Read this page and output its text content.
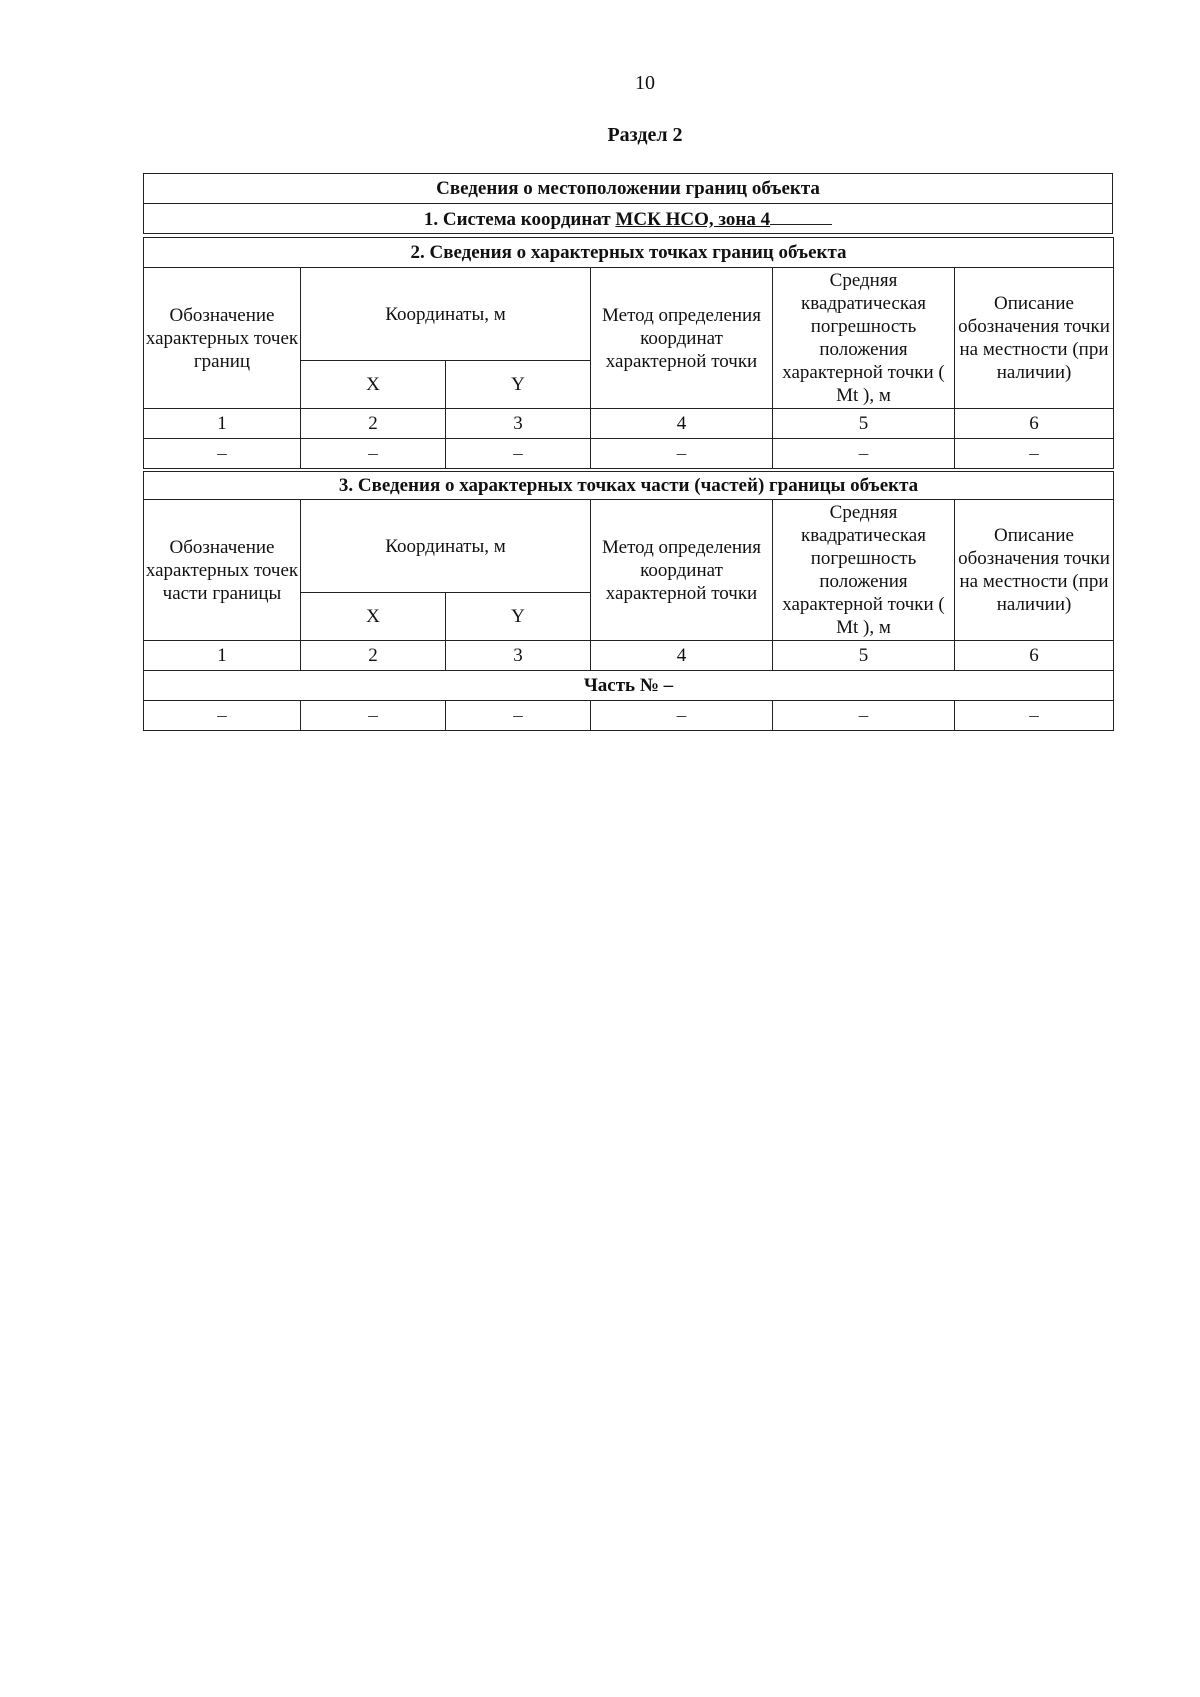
10
Раздел 2
Сведения о местоположении границ объекта
1. Система координат МСК НСО, зона 4
2. Сведения о характерных точках границ объекта					
Обозначение характерных точек границ	Координаты, м		Метод определения координат характерной точки	Средняя квадратическая погрешность положения характерной точки ( Mt ), м	Описание обозначения точки на местности (при наличии)
	X	Y			
1	2	3	4	5	6
–	–	–	–	–	–
3. Сведения о характерных точках части (частей) границы объекта					
Обозначение характерных точек части границы	Координаты, м		Метод определения координат характерной точки	Средняя квадратическая погрешность положения характерной точки ( Mt ), м	Описание обозначения точки на местности (при наличии)
	X	Y			
1	2	3	4	5	6
Часть № –					
–	–	–	–	–	–
